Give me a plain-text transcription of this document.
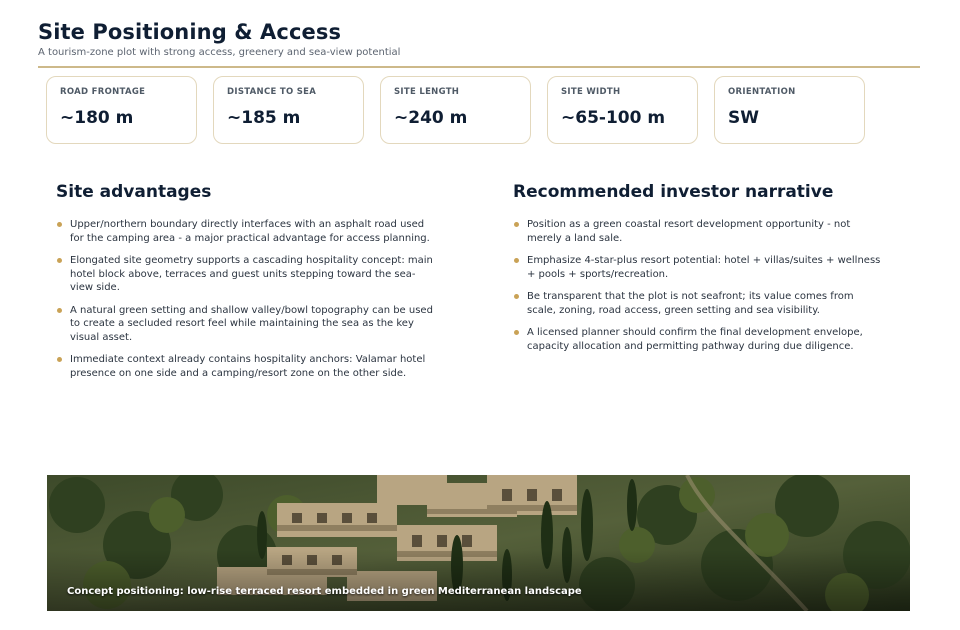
Site Positioning & Access
A tourism-zone plot with strong access, greenery and sea-view potential
ROAD FRONTAGE
~180 m
DISTANCE TO SEA
~185 m
SITE LENGTH
~240 m
SITE WIDTH
~65-100 m
ORIENTATION
SW
Site advantages
Upper/northern boundary directly interfaces with an asphalt road used for the camping area - a major practical advantage for access planning.
Elongated site geometry supports a cascading hospitality concept: main hotel block above, terraces and guest units stepping toward the sea-view side.
A natural green setting and shallow valley/bowl topography can be used to create a secluded resort feel while maintaining the sea as the key visual asset.
Immediate context already contains hospitality anchors: Valamar hotel presence on one side and a camping/resort zone on the other side.
Recommended investor narrative
Position as a green coastal resort development opportunity - not merely a land sale.
Emphasize 4-star-plus resort potential: hotel + villas/suites + wellness + pools + sports/recreation.
Be transparent that the plot is not seafront; its value comes from scale, zoning, road access, green setting and sea visibility.
A licensed planner should confirm the final development envelope, capacity allocation and permitting pathway during due diligence.
Concept positioning: low-rise terraced resort embedded in green Mediterranean landscape
